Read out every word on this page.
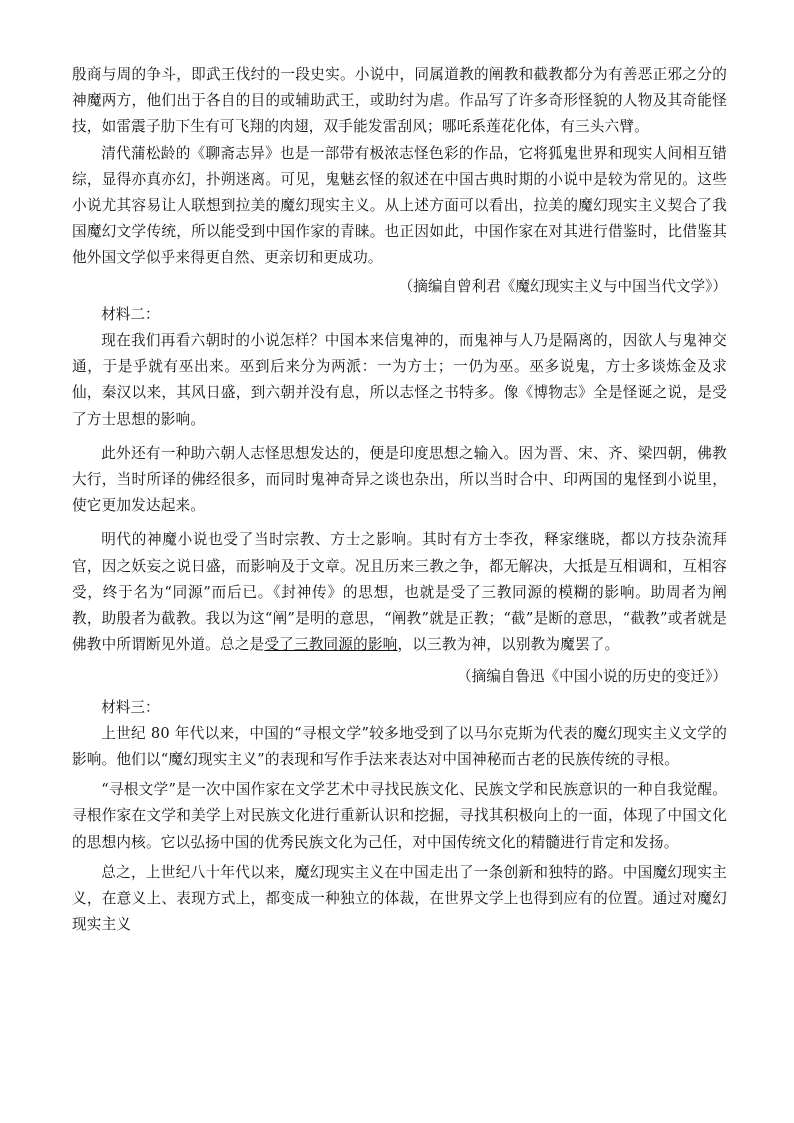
殷商与周的争斗，即武王伐纣的一段史实。小说中，同属道教的阐教和截教都分为有善恶正邪之分的神魔两方，他们出于各自的目的或辅助武王，或助纣为虐。作品写了许多奇形怪貌的人物及其奇能怪技，如雷震子肋下生有可飞翔的肉翅，双手能发雷刮风；哪吒系莲花化体，有三头六臂。

清代蒲松龄的《聊斋志异》也是一部带有极浓志怪色彩的作品，它将狐鬼世界和现实人间相互错综，显得亦真亦幻，扑朔迷离。可见，鬼魅玄怪的叙述在中国古典时期的小说中是较为常见的。这些小说尤其容易让人联想到拉美的魔幻现实主义。从上述方面可以看出，拉美的魔幻现实主义契合了我国魔幻文学传统，所以能受到中国作家的青睐。也正因如此，中国作家在对其进行借鉴时，比借鉴其他外国文学似乎来得更自然、更亲切和更成功。

（摘编自曾利君《魔幻现实主义与中国当代文学》）

材料二：

现在我们再看六朝时的小说怎样？中国本来信鬼神的，而鬼神与人乃是隔离的，因欲人与鬼神交通，于是乎就有巫出来。巫到后来分为两派：一为方士；一仍为巫。巫多说鬼，方士多谈炼金及求仙，秦汉以来，其风日盛，到六朝并没有息，所以志怪之书特多。像《博物志》全是怪诞之说，是受了方士思想的影响。

此外还有一种助六朝人志怪思想发达的，便是印度思想之输入。因为晋、宋、齐、梁四朝，佛教大行，当时所译的佛经很多，而同时鬼神奇异之谈也杂出，所以当时合中、印两国的鬼怪到小说里，使它更加发达起来。

明代的神魔小说也受了当时宗教、方士之影响。其时有方士李孜，释家继晓，都以方技杂流拜官，因之妖妄之说日盛，而影响及于文章。况且历来三教之争，都无解决，大抵是互相调和，互相容受，终于名为“同源”而后已。《封神传》的思想，也就是受了三教同源的模糊的影响。助周者为阐教，助殷者为截教。我以为这“阐”是明的意思，“阐教”就是正教；“截”是断的意思，“截教”或者就是佛教中所谓断见外道。总之是受了三教同源的影响，以三教为神，以别教为魔罢了。

（摘编自鲁迅《中国小说的历史的变迁》）

材料三：

上世纪 80 年代以来，中国的“寻根文学”较多地受到了以马尔克斯为代表的魔幻现实主义文学的影响。他们以“魔幻现实主义”的表现和写作手法来表达对中国神秘而古老的民族传统的寻根。

“寻根文学”是一次中国作家在文学艺术中寻找民族文化、民族文学和民族意识的一种自我觉醒。寻根作家在文学和美学上对民族文化进行重新认识和挖掘，寻找其积极向上的一面，体现了中国文化的思想内核。它以弘扬中国的优秀民族文化为己任，对中国传统文化的精髓进行肯定和发扬。

总之，上世纪八十年代以来，魔幻现实主义在中国走出了一条创新和独特的路。中国魔幻现实主义，在意义上、表现方式上，都变成一种独立的体裁，在世界文学上也得到应有的位置。通过对魔幻现实主义
